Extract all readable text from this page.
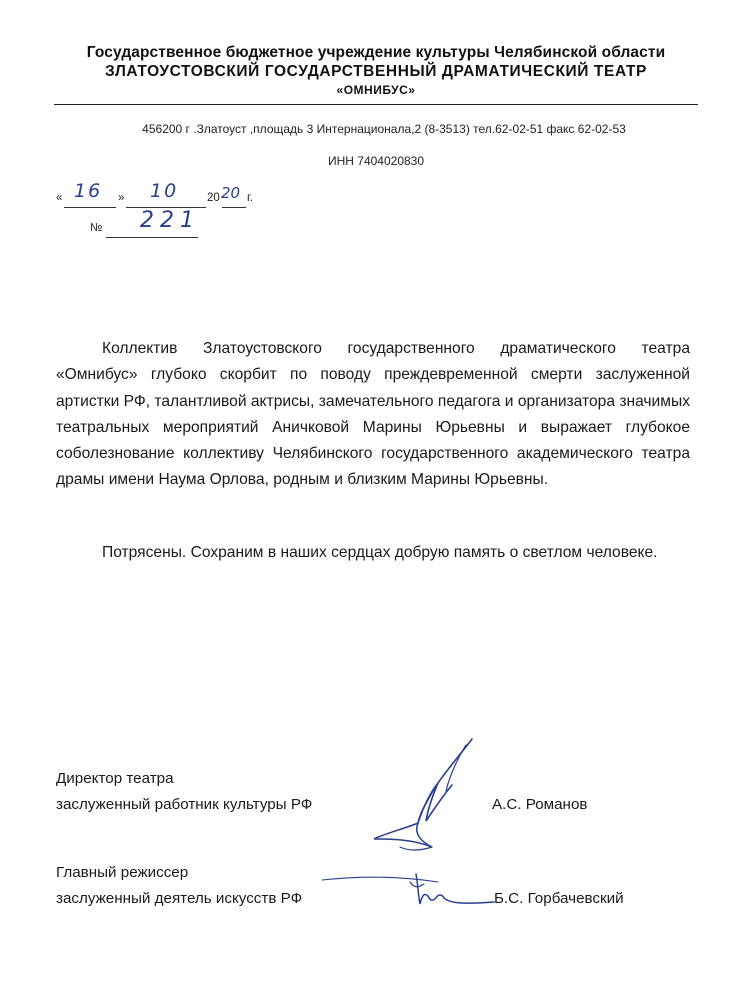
Государственное бюджетное учреждение культуры Челябинской области
ЗЛАТОУСТОВСКИЙ ГОСУДАРСТВЕННЫЙ ДРАМАТИЧЕСКИЙ ТЕАТР
«ОМНИБУС»
456200 г .Златоуст ,площадь 3 Интернационала,2 (8-3513) тел.62-02-51 факс 62-02-53
ИНН 7404020830
« 16 » 10	20 20 г.
№ 221

Коллектив Златоустовского государственного драматического театра «Омнибус» глубоко скорбит по поводу преждевременной смерти заслуженной артистки РФ, талантливой актрисы, замечательного педагога и организатора значимых театральных мероприятий Аничковой Марины Юрьевны и выражает глубокое соболезнование коллективу Челябинского государственного академического театра драмы имени Наума Орлова, родным и близким Марины Юрьевны.

Потрясены. Сохраним в наших сердцах добрую память о светлом человеке.

Директор театра
заслуженный работник культуры РФ	А.С. Романов
Главный режиссер
заслуженный деятель искусств РФ	Б.С. Горбачевский
